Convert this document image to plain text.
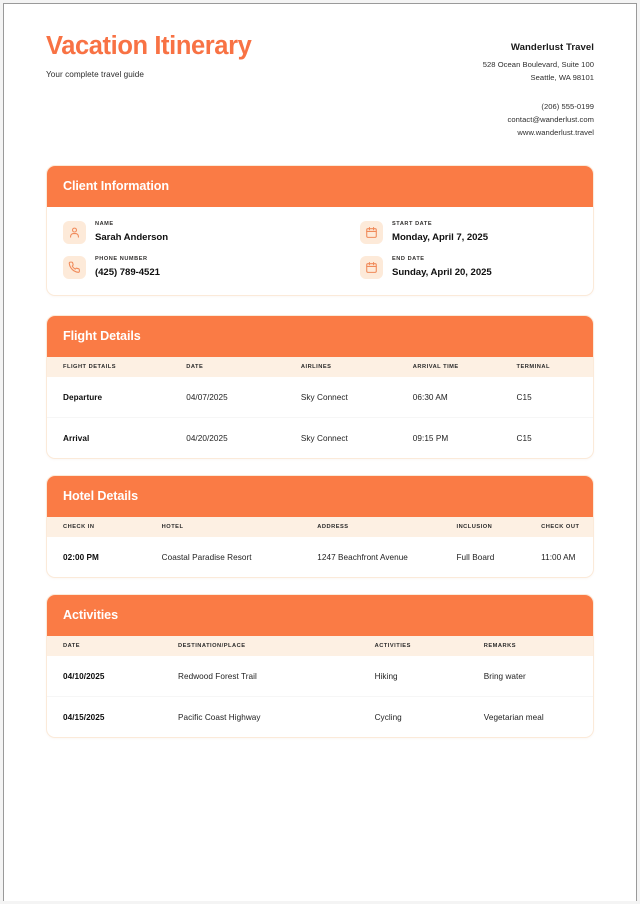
Vacation Itinerary
Your complete travel guide
Wanderlust Travel
528 Ocean Boulevard, Suite 100
Seattle, WA 98101
(206) 555-0199
contact@wanderlust.com
www.wanderlust.travel
Client Information
NAME
Sarah Anderson
START DATE
Monday, April 7, 2025
PHONE NUMBER
(425) 789-4521
END DATE
Sunday, April 20, 2025
Flight Details
FLIGHT DETAILS	DATE	AIRLINES	ARRIVAL TIME	TERMINAL
Departure	04/07/2025	Sky Connect	06:30 AM	C15
Arrival	04/20/2025	Sky Connect	09:15 PM	C15
Hotel Details
CHECK IN	HOTEL	ADDRESS	INCLUSION	CHECK OUT
02:00 PM	Coastal Paradise Resort	1247 Beachfront Avenue	Full Board	11:00 AM
Activities
DATE	DESTINATION/PLACE	ACTIVITIES	REMARKS
04/10/2025	Redwood Forest Trail	Hiking	Bring water
04/15/2025	Pacific Coast Highway	Cycling	Vegetarian meal
